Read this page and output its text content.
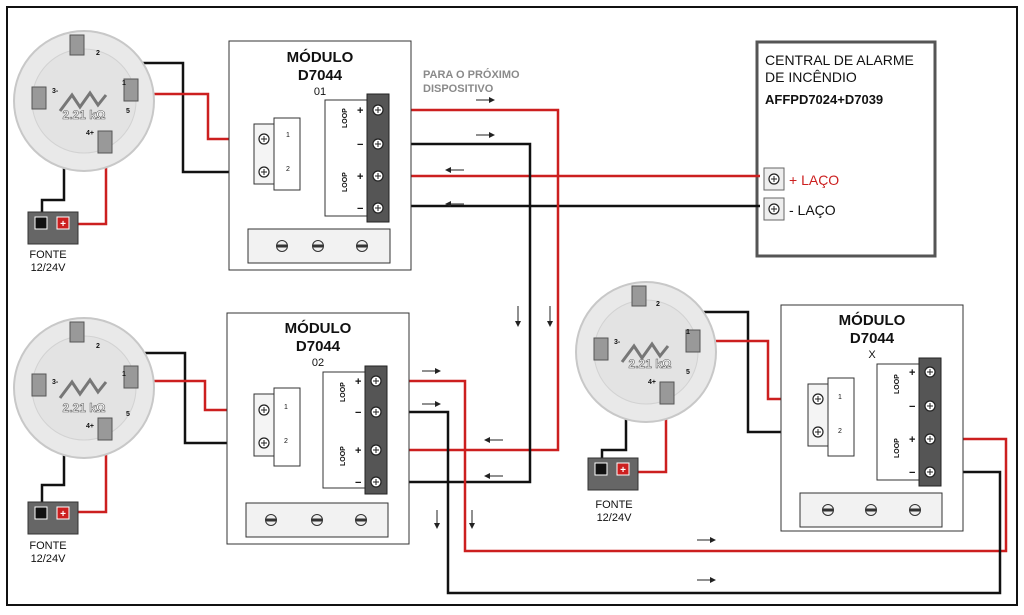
CENTRAL DE ALARME
DE INCÊNDIO
AFFPD7024+D7039
+ LAÇO
- LAÇO
PARA O PRÓXIMO
DISPOSITIVO
MÓDULO
D7044
01
1
2
LOOP
LOOP
+
−
+
−
MÓDULO
D7044
02
1
2
LOOP
LOOP
+
−
+
−
MÓDULO
D7044
X
1
2
LOOP
LOOP
+
−
+
−
2.21 kΩ
2
1
3-
4+
5
2.21 kΩ
2
1
3-
4+
5
2.21 kΩ
2
1
3-
4+
5
+
FONTE
12/24V
+
FONTE
12/24V
+
FONTE
12/24V
